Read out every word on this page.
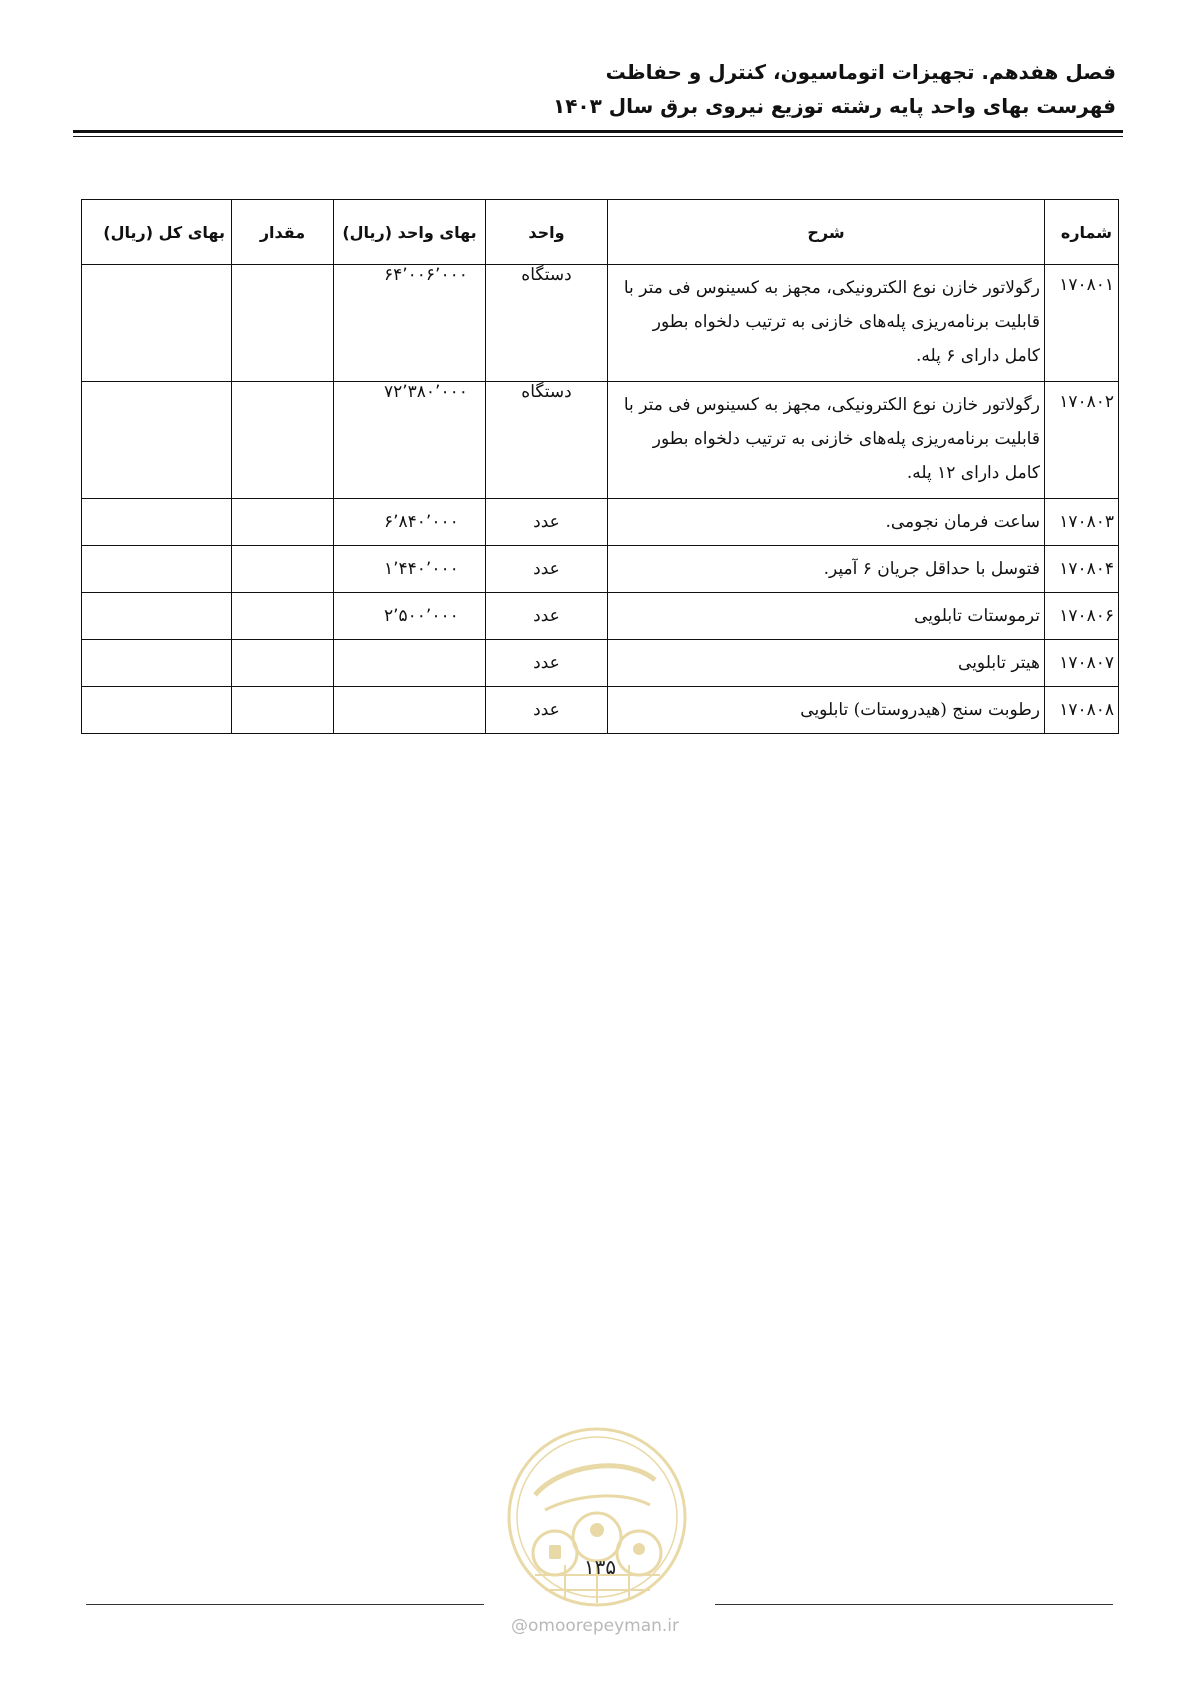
فصل هفدهم. تجهیزات اتوماسیون، کنترل و حفاظت
فهرست بهای واحد پایه رشته توزیع نیروی برق سال ۱۴۰۳
شماره	شرح	واحد	بهای واحد (ریال)	مقدار	بهای کل (ریال)
۱۷۰۸۰۱	رگولاتور خازن نوع الکترونیکی، مجهز به کسینوس فی متر با قابلیت برنامه‌ریزی پله‌های خازنی به ترتیب دلخواه بطور کامل دارای ۶ پله.	دستگاه	۶۴٬۰۰۶٬۰۰۰		
۱۷۰۸۰۲	رگولاتور خازن نوع الکترونیکی، مجهز به کسینوس فی متر با قابلیت برنامه‌ریزی پله‌های خازنی به ترتیب دلخواه بطور کامل دارای ۱۲ پله.	دستگاه	۷۲٬۳۸۰٬۰۰۰		
۱۷۰۸۰۳	ساعت فرمان نجومی.	عدد	۶٬۸۴۰٬۰۰۰		
۱۷۰۸۰۴	فتوسل با حداقل جریان ۶ آمپر.	عدد	۱٬۴۴۰٬۰۰۰		
۱۷۰۸۰۶	ترموستات تابلویی	عدد	۲٬۵۰۰٬۰۰۰		
۱۷۰۸۰۷	هیتر تابلویی	عدد			
۱۷۰۸۰۸	رطوبت سنج (هیدروستات) تابلویی	عدد			
۱۳۵
@omoorepeyman.ir
